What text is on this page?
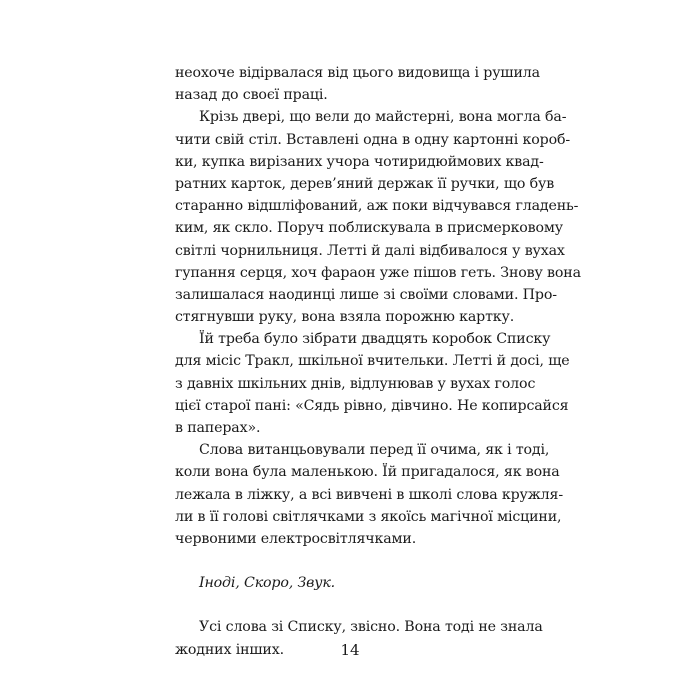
неохоче відірвалася від цього видовища і рушила
назад до своєї праці.

Крізь двері, що вели до майстерні, вона могла ба-
чити свій стіл. Вставлені одна в одну картонні короб-
ки, купка вирізаних учора чотиридюймових квад-
ратних карток, дерев’яний держак її ручки, що був
старанно відшліфований, аж поки відчувався гладень-
ким, як скло. Поруч поблискувала в присмерковому
світлі чорнильниця. Летті й далі відбивалося у вухах
гупання серця, хоч фараон уже пішов геть. Знову вона
залишалася наодинці лише зі своїми словами. Про-
стягнувши руку, вона взяла порожню картку.

Їй треба було зібрати двадцять коробок Списку
для місіс Тракл, шкільної вчительки. Летті й досі, ще
з давніх шкільних днів, відлунював у вухах голос
цієї старої пані: «Сядь рівно, дівчино. Не копирсайся
в паперах».

Слова витанцьовували перед її очима, як і тоді,
коли вона була маленькою. Їй пригадалося, як вона
лежала в ліжку, а всі вивчені в школі слова кружля-
ли в її голові світлячками з якоїсь магічної місцини,
червоними електросвітлячками.

Іноді, Скоро, Звук.

Усі слова зі Списку, звісно. Вона тоді не знала
жодних інших.	14
